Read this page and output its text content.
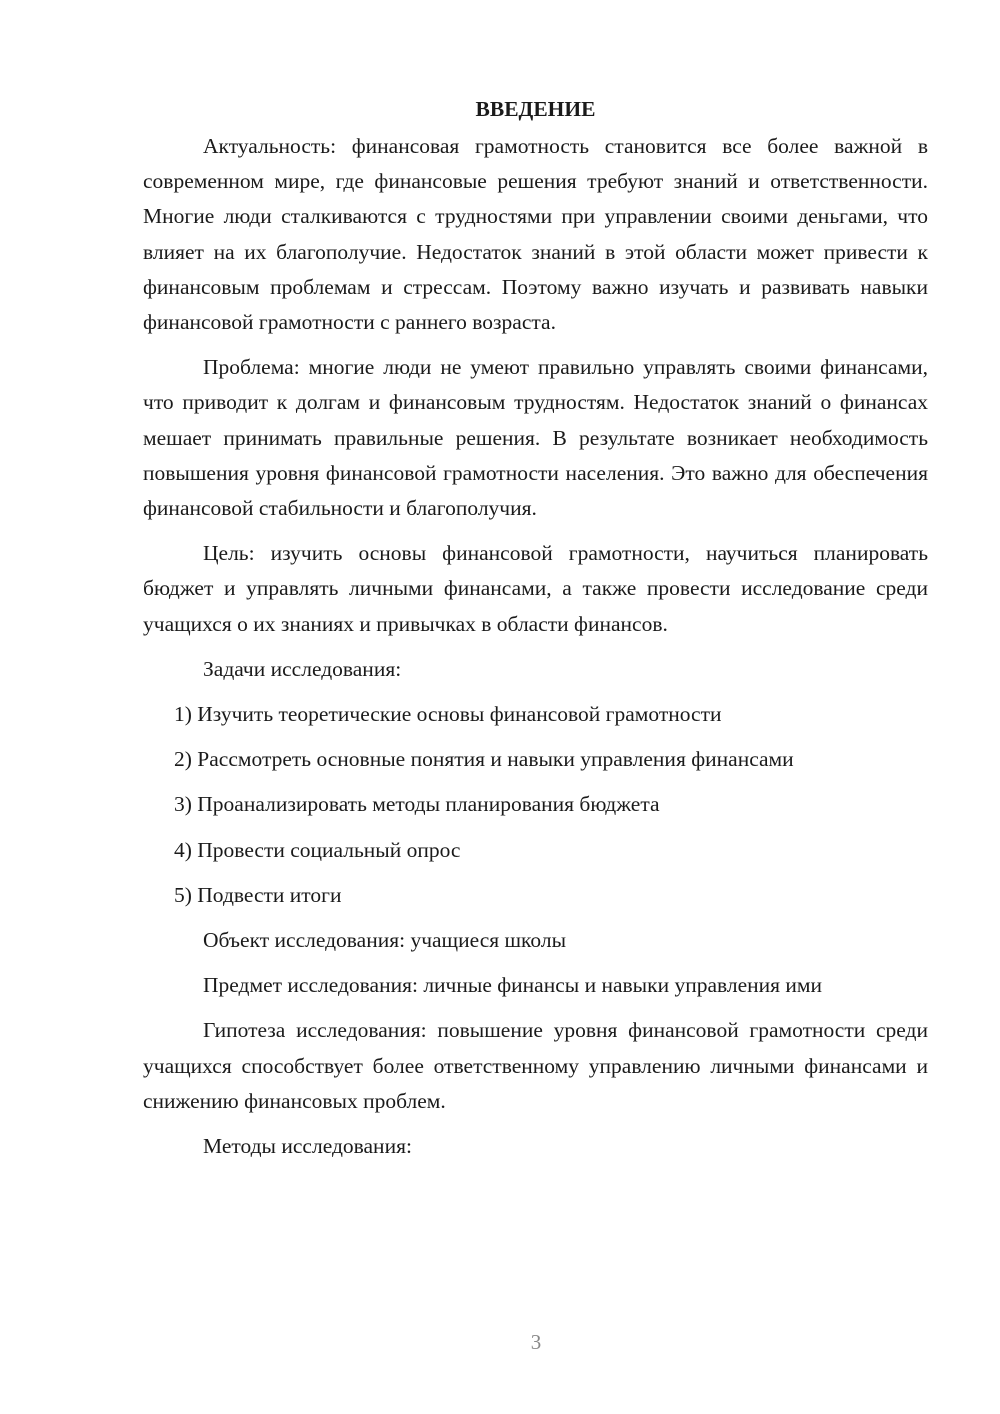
ВВЕДЕНИЕ

Актуальность: финансовая грамотность становится все более важной в современном мире, где финансовые решения требуют знаний и ответственности. Многие люди сталкиваются с трудностями при управлении своими деньгами, что влияет на их благополучие. Недостаток знаний в этой области может привести к финансовым проблемам и стрессам. Поэтому важно изучать и развивать навыки финансовой грамотности с раннего возраста.

Проблема: многие люди не умеют правильно управлять своими финансами, что приводит к долгам и финансовым трудностям. Недостаток знаний о финансах мешает принимать правильные решения. В результате возникает необходимость повышения уровня финансовой грамотности населения. Это важно для обеспечения финансовой стабильности и благополучия.

Цель: изучить основы финансовой грамотности, научиться планировать бюджет и управлять личными финансами, а также провести исследование среди учащихся о их знаниях и привычках в области финансов.

Задачи исследования:
1) Изучить теоретические основы финансовой грамотности
2) Рассмотреть основные понятия и навыки управления финансами
3) Проанализировать методы планирования бюджета
4) Провести социальный опрос
5) Подвести итоги
Объект исследования: учащиеся школы
Предмет исследования: личные финансы и навыки управления ими

Гипотеза исследования: повышение уровня финансовой грамотности среди учащихся способствует более ответственному управлению личными финансами и снижению финансовых проблем.

Методы исследования:
3
